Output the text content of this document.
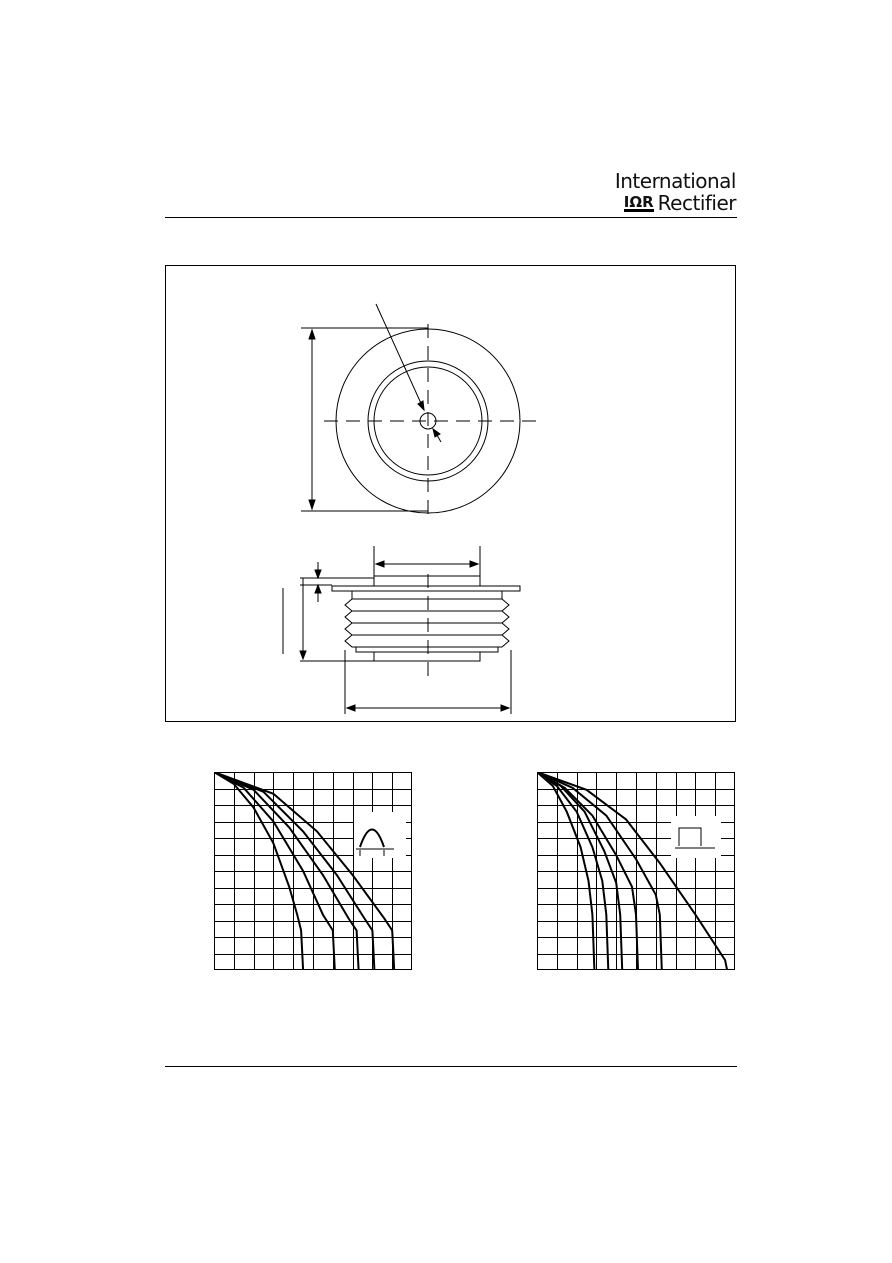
International
IΩR Rectifier
